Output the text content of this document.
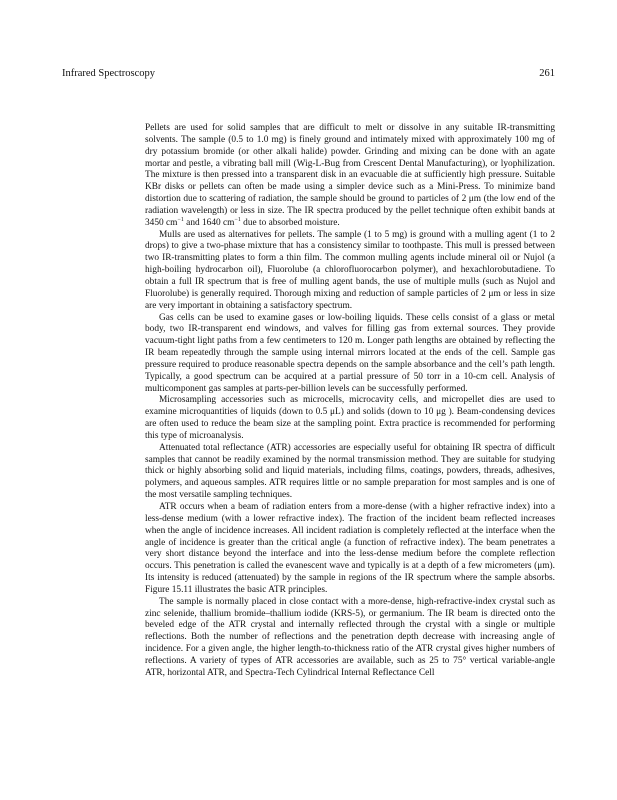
Infrared Spectroscopy	261

Pellets are used for solid samples that are difficult to melt or dissolve in any suitable IR-transmitting solvents. The sample (0.5 to 1.0 mg) is finely ground and intimately mixed with approximately 100 mg of dry potassium bromide (or other alkali halide) powder. Grinding and mixing can be done with an agate mortar and pestle, a vibrating ball mill (Wig-L-Bug from Crescent Dental Manufacturing), or lyophilization. The mixture is then pressed into a transparent disk in an evacuable die at sufficiently high pressure. Suitable KBr disks or pellets can often be made using a simpler device such as a Mini-Press. To minimize band distortion due to scattering of radiation, the sample should be ground to particles of 2 μm (the low end of the radiation wavelength) or less in size. The IR spectra produced by the pellet technique often exhibit bands at 3450 $cm^{-1}$ and 1640 $cm^{-1}$ due to absorbed moisture.

Mulls are used as alternatives for pellets. The sample (1 to 5 mg) is ground with a mulling agent (1 to 2 drops) to give a two-phase mixture that has a consistency similar to toothpaste. This mull is pressed between two IR-transmitting plates to form a thin film. The common mulling agents include mineral oil or Nujol (a high-boiling hydrocarbon oil), Fluorolube (a chlorofluorocarbon polymer), and hexachlorobutadiene. To obtain a full IR spectrum that is free of mulling agent bands, the use of multiple mulls (such as Nujol and Fluorolube) is generally required. Thorough mixing and reduction of sample particles of 2 μm or less in size are very important in obtaining a satisfactory spectrum.

Gas cells can be used to examine gases or low-boiling liquids. These cells consist of a glass or metal body, two IR-transparent end windows, and valves for filling gas from external sources. They provide vacuum-tight light paths from a few centimeters to 120 m. Longer path lengths are obtained by reflecting the IR beam repeatedly through the sample using internal mirrors located at the ends of the cell. Sample gas pressure required to produce reasonable spectra depends on the sample absorbance and the cell’s path length. Typically, a good spectrum can be acquired at a partial pressure of 50 torr in a 10-cm cell. Analysis of multicomponent gas samples at parts-per-billion levels can be successfully performed.

Microsampling accessories such as microcells, microcavity cells, and micropellet dies are used to examine microquantities of liquids (down to 0.5 μL) and solids (down to 10 μg ). Beam-condensing devices are often used to reduce the beam size at the sampling point. Extra practice is recommended for performing this type of microanalysis.

Attenuated total reflectance (ATR) accessories are especially useful for obtaining IR spectra of difficult samples that cannot be readily examined by the normal transmission method. They are suitable for studying thick or highly absorbing solid and liquid materials, including films, coatings, powders, threads, adhesives, polymers, and aqueous samples. ATR requires little or no sample preparation for most samples and is one of the most versatile sampling techniques.

ATR occurs when a beam of radiation enters from a more-dense (with a higher refractive index) into a less-dense medium (with a lower refractive index). The fraction of the incident beam reflected increases when the angle of incidence increases. All incident radiation is completely reflected at the interface when the angle of incidence is greater than the critical angle (a function of refractive index). The beam penetrates a very short distance beyond the interface and into the less-dense medium before the complete reflection occurs. This penetration is called the evanescent wave and typically is at a depth of a few micrometers (μm). Its intensity is reduced (attenuated) by the sample in regions of the IR spectrum where the sample absorbs. Figure 15.11 illustrates the basic ATR principles.

The sample is normally placed in close contact with a more-dense, high-refractive-index crystal such as zinc selenide, thallium bromide–thallium iodide (KRS-5), or germanium. The IR beam is directed onto the beveled edge of the ATR crystal and internally reflected through the crystal with a single or multiple reflections. Both the number of reflections and the penetration depth decrease with increasing angle of incidence. For a given angle, the higher length-to-thickness ratio of the ATR crystal gives higher numbers of reflections. A variety of types of ATR accessories are available, such as 25 to 75° vertical variable-angle ATR, horizontal ATR, and Spectra-Tech Cylindrical Internal Reflectance Cell
